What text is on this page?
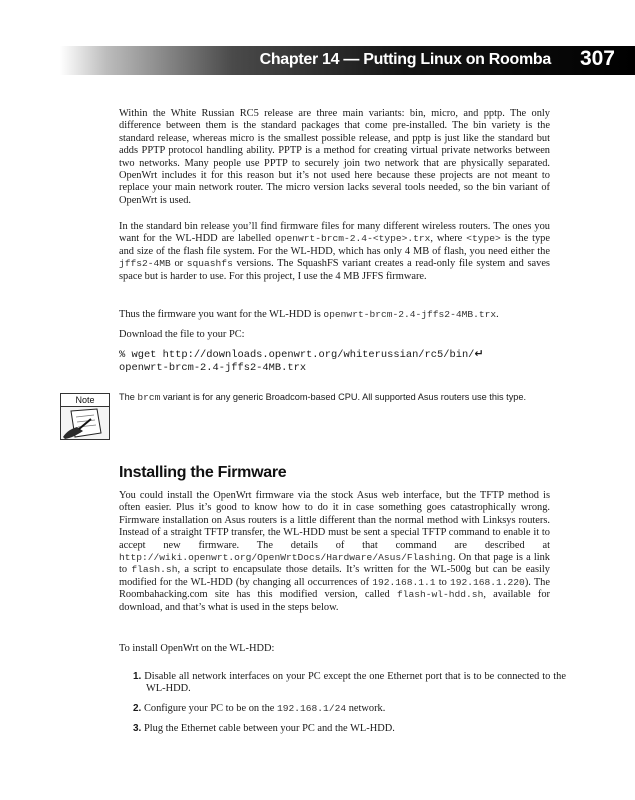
Chapter 14 — Putting Linux on Roomba 307

Within the White Russian RC5 release are three main variants: bin, micro, and pptp. The only difference between them is the standard packages that come pre-installed. The bin variety is the standard release, whereas micro is the smallest possible release, and pptp is just like the standard but adds PPTP protocol handling ability. PPTP is a method for creating virtual private networks between two networks. Many people use PPTP to securely join two network that are physically separated. OpenWrt includes it for this reason but it’s not used here because these projects are not meant to replace your main network router. The micro version lacks several tools needed, so the bin variant of OpenWrt is used.

In the standard bin release you’ll find firmware files for many different wireless routers. The ones you want for the WL-HDD are labelled openwrt-brcm-2.4-<type>.trx, where <type> is the type and size of the flash file system. For the WL-HDD, which has only 4 MB of flash, you need either the jffs2-4MB or squashfs versions. The SquashFS variant creates a read-only file system and saves space but is harder to use. For this project, I use the 4 MB JFFS firmware.

Thus the firmware you want for the WL-HDD is openwrt-brcm-2.4-jffs2-4MB.trx.

Download the file to your PC:

% wget http://downloads.openwrt.org/whiterussian/rc5/bin/↵
openwrt-brcm-2.4-jffs2-4MB.trx
Note	The brcm variant is for any generic Broadcom-based CPU. All supported Asus routers use this type.

Installing the Firmware

You could install the OpenWrt firmware via the stock Asus web interface, but the TFTP method is often easier. Plus it’s good to know how to do it in case something goes catastrophically wrong. Firmware installation on Asus routers is a little different than the normal method with Linksys routers. Instead of a straight TFTP transfer, the WL-HDD must be sent a special TFTP command to enable it to accept new firmware. The details of that command are described at http://wiki.openwrt.org/OpenWrtDocs/Hardware/Asus/Flashing. On that page is a link to flash.sh, a script to encapsulate those details. It’s written for the WL-500g but can be easily modified for the WL-HDD (by changing all occurrences of 192.168.1.1 to 192.168.1.220). The Roombahacking.com site has this modified version, called flash-wl-hdd.sh, available for download, and that’s what is used in the steps below.

To install OpenWrt on the WL-HDD:

1. Disable all network interfaces on your PC except the one Ethernet port that is to be connected to the WL-HDD.

2. Configure your PC to be on the 192.168.1/24 network.

3. Plug the Ethernet cable between your PC and the WL-HDD.
